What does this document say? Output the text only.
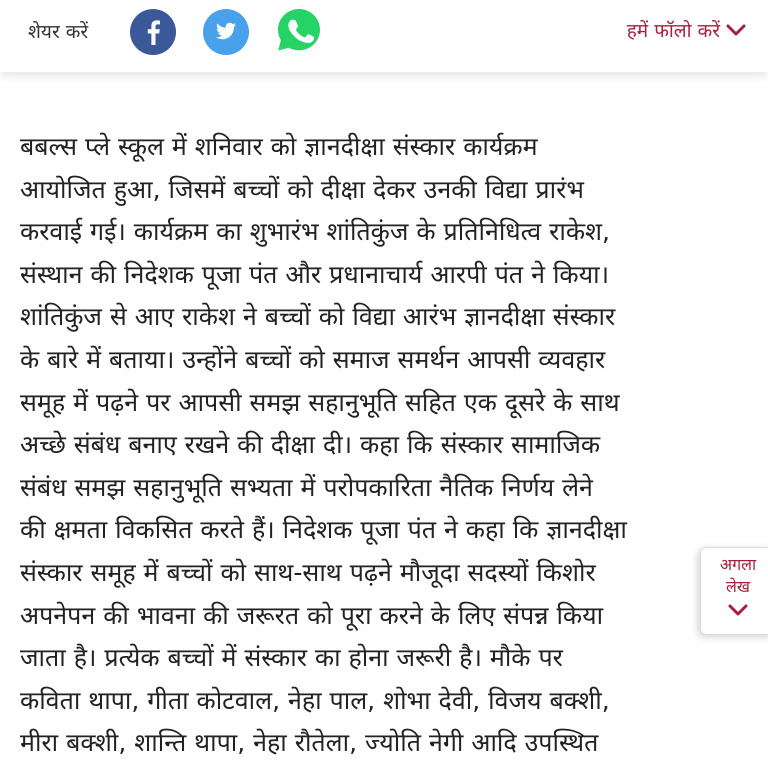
शेयर करें	हमें फॉलो करें
बबल्स प्ले स्कूल में शनिवार को ज्ञानदीक्षा संस्कार कार्यक्रम
आयोजित हुआ, जिसमें बच्चों को दीक्षा देकर उनकी विद्या प्रारंभ
करवाई गई। कार्यक्रम का शुभारंभ शांतिकुंज के प्रतिनिधित्व राकेश,
संस्थान की निदेशक पूजा पंत और प्रधानाचार्य आरपी पंत ने किया।
शांतिकुंज से आए राकेश ने बच्चों को विद्या आरंभ ज्ञानदीक्षा संस्कार
के बारे में बताया। उन्होंने बच्चों को समाज समर्थन आपसी व्यवहार
समूह में पढ़ने पर आपसी समझ सहानुभूति सहित एक दूसरे के साथ
अच्छे संबंध बनाए रखने की दीक्षा दी। कहा कि संस्कार सामाजिक
संबंध समझ सहानुभूति सभ्यता में परोपकारिता नैतिक निर्णय लेने
की क्षमता विकसित करते हैं। निदेशक पूजा पंत ने कहा कि ज्ञानदीक्षा
संस्कार समूह में बच्चों को साथ-साथ पढ़ने मौजूदा सदस्यों किशोर
अपनेपन की भावना की जरूरत को पूरा करने के लिए संपन्न किया
जाता है। प्रत्येक बच्चों में संस्कार का होना जरूरी है। मौके पर
कविता थापा, गीता कोटवाल, नेहा पाल, शोभा देवी, विजय बक्शी,
मीरा बक्शी, शान्ति थापा, नेहा रौतेला, ज्योति नेगी आदि उपस्थित
अगला
लेख
